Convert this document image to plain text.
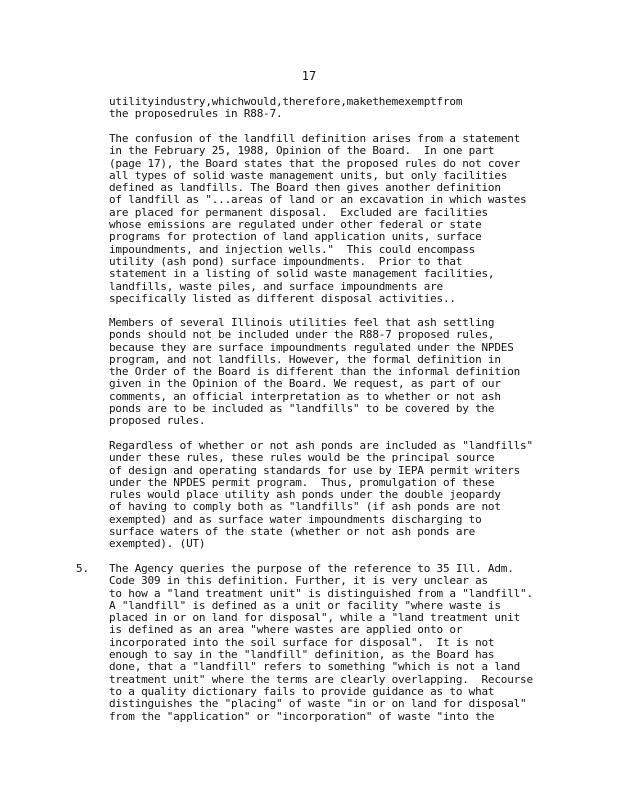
17

utilityindustry,whichwould,therefore,makethemexemptfrom
the proposedrules in R88-7.

The confusion of the landfill definition arises from a statement
in the February 25, 1988, Opinion of the Board.  In one part
(page 17), the Board states that the proposed rules do not cover
all types of solid waste management units, but only facilities
defined as landfills. The Board then gives another definition
of landfill as "...areas of land or an excavation in which wastes
are placed for permanent disposal.  Excluded are facilities
whose emissions are regulated under other federal or state
programs for protection of land application units, surface
impoundments, and injection wells."  This could encompass
utility (ash pond) surface impoundments.  Prior to that
statement in a listing of solid waste management facilities,
landfills, waste piles, and surface impoundments are
specifically listed as different disposal activities..

Members of several Illinois utilities feel that ash settling
ponds should not be included under the R88-7 proposed rules,
because they are surface impoundments regulated under the NPDES
program, and not landfills. However, the formal definition in
the Order of the Board is different than the informal definition
given in the Opinion of the Board. We request, as part of our
comments, an official interpretation as to whether or not ash
ponds are to be included as "landfills" to be covered by the
proposed rules.

Regardless of whether or not ash ponds are included as "landfills"
under these rules, these rules would be the principal source
of design and operating standards for use by IEPA permit writers
under the NPDES permit program.  Thus, promulgation of these
rules would place utility ash ponds under the double jeopardy
of having to comply both as "landfills" (if ash ponds are not
exempted) and as surface water impoundments discharging to
surface waters of the state (whether or not ash ponds are
exempted). (UT)

5. The Agency queries the purpose of the reference to 35 Ill. Adm.
Code 309 in this definition. Further, it is very unclear as
to how a "land treatment unit" is distinguished from a "landfill".
A "landfill" is defined as a unit or facility "where waste is
placed in or on land for disposal", while a "land treatment unit
is defined as an area "where wastes are applied onto or
incorporated into the soil surface for disposal".  It is not
enough to say in the "landfill" definition, as the Board has
done, that a "landfill" refers to something "which is not a land
treatment unit" where the terms are clearly overlapping.  Recourse
to a quality dictionary fails to provide guidance as to what
distinguishes the "placing" of waste "in or on land for disposal"
from the "application" or "incorporation" of waste "into the
